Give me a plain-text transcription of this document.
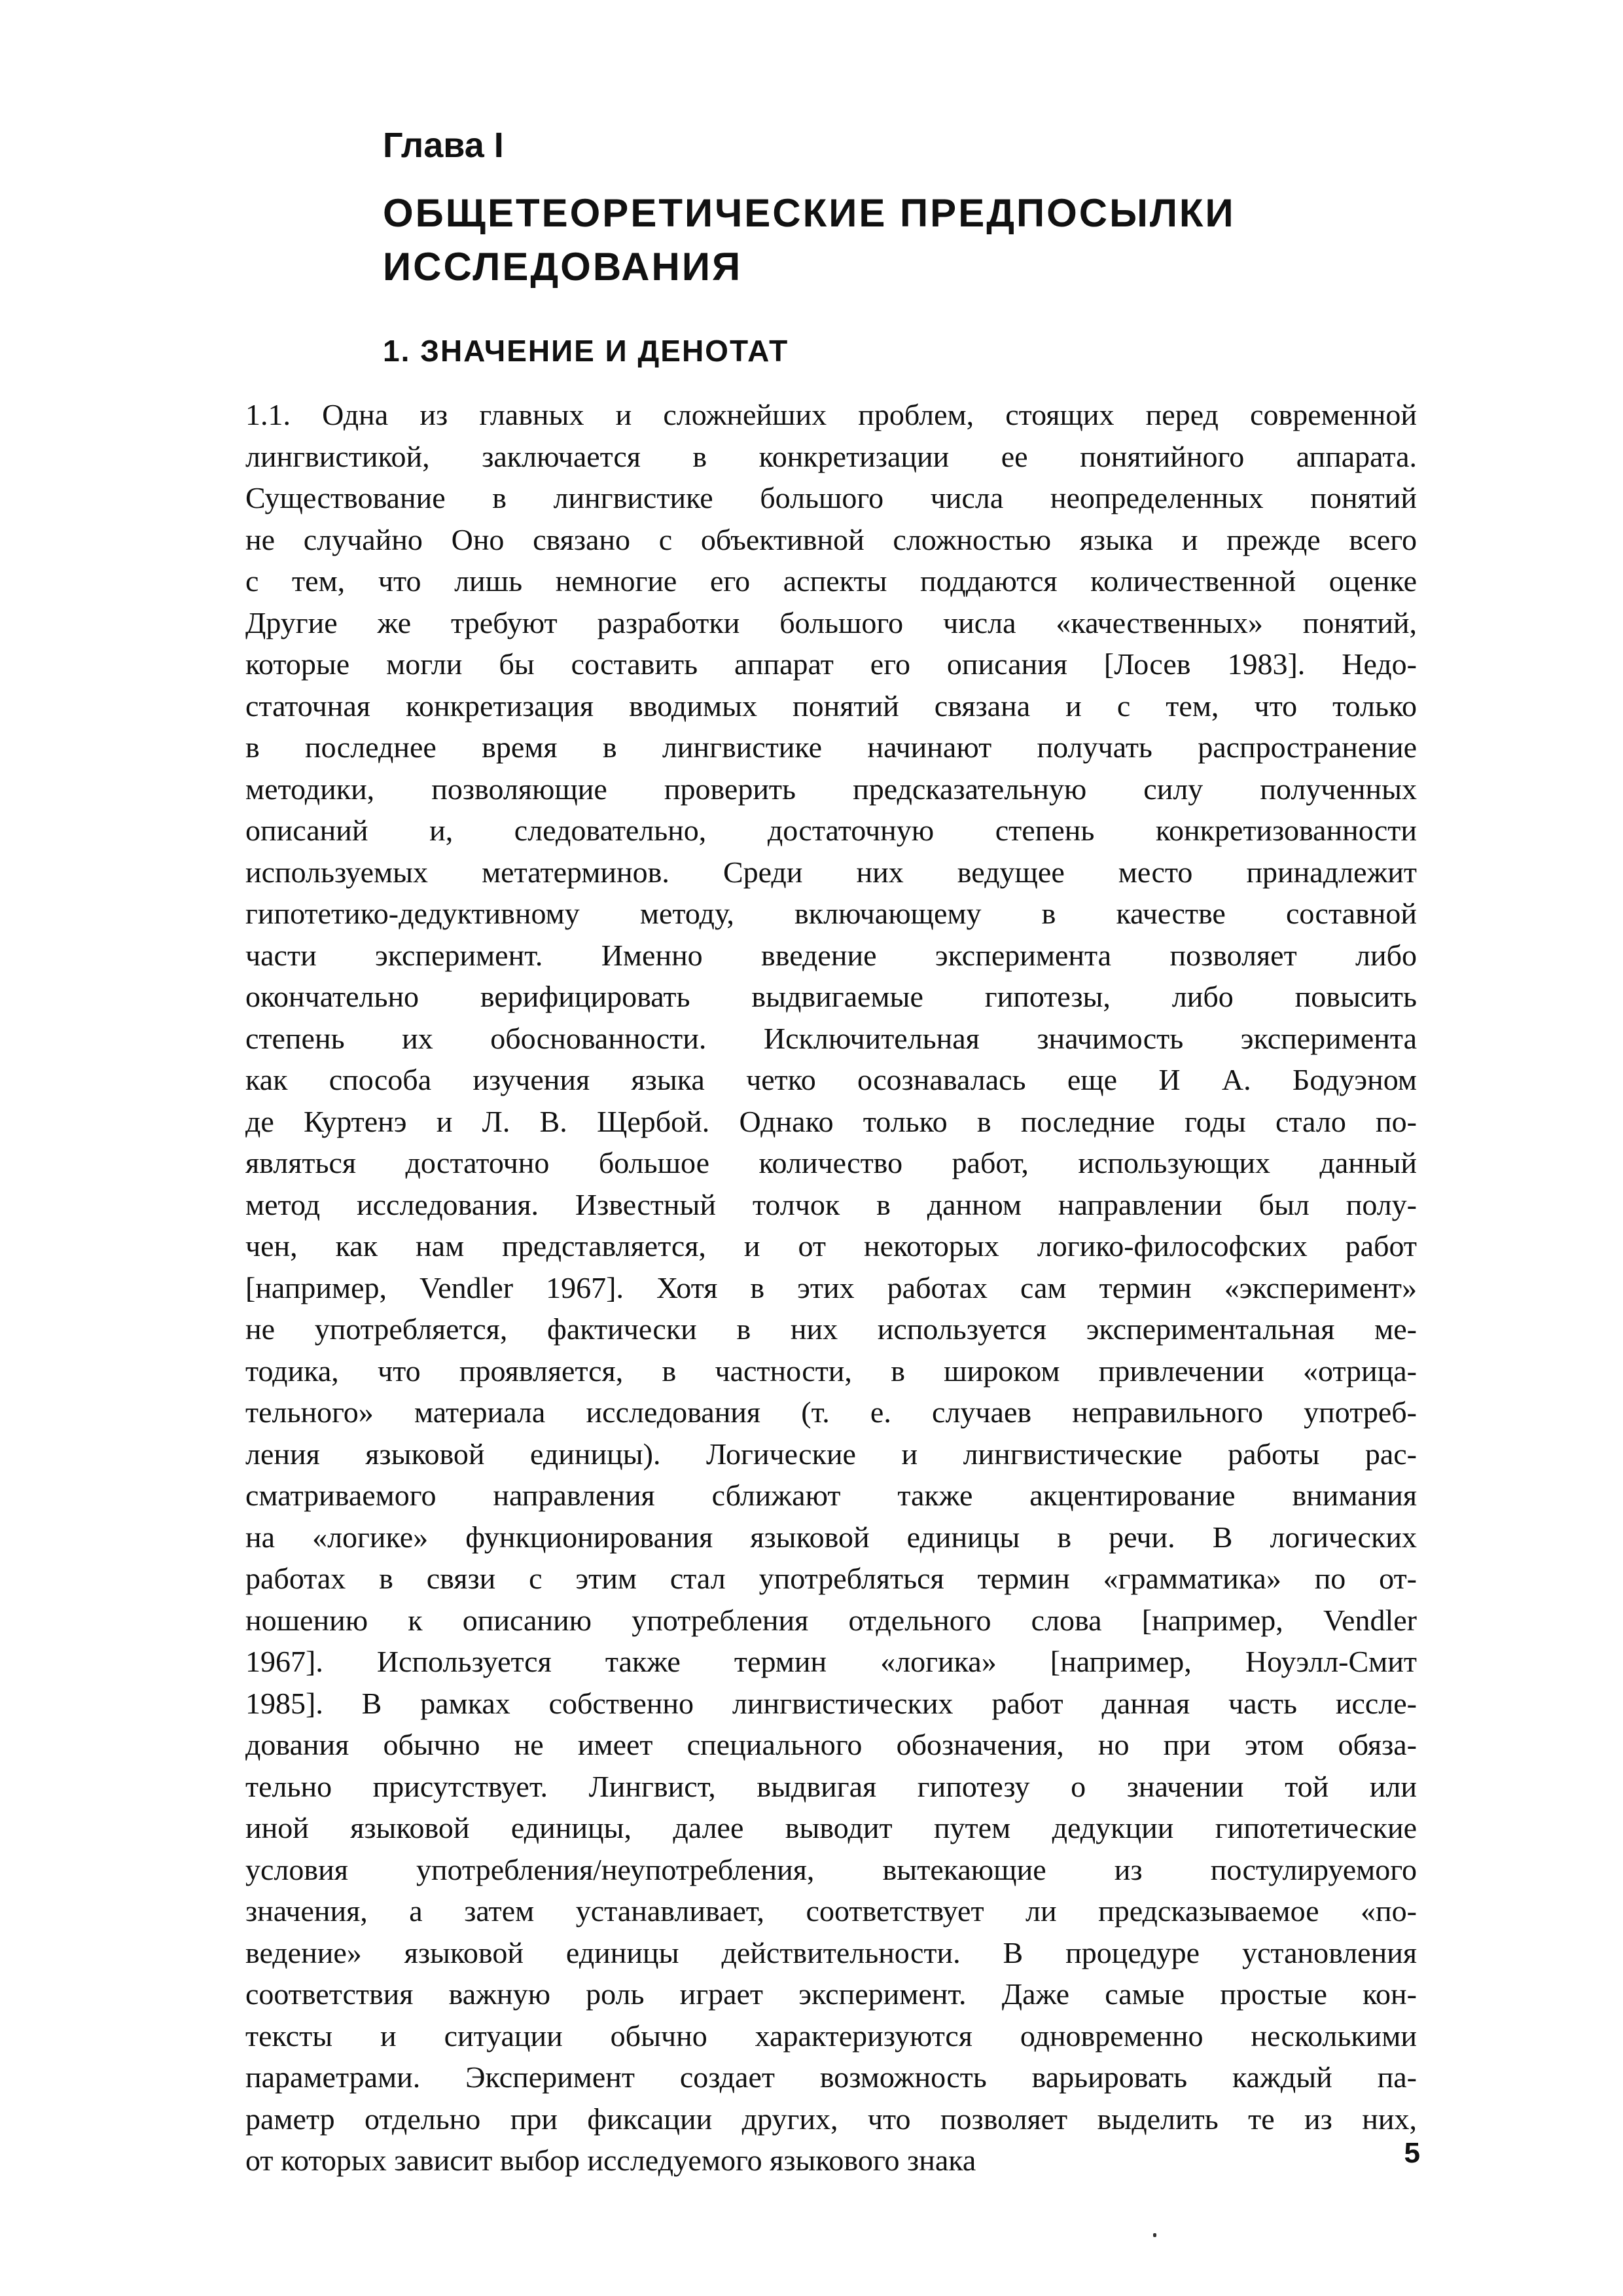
Глава I
ОБЩЕТЕОРЕТИЧЕСКИЕ ПРЕДПОСЫЛКИ
ИССЛЕДОВАНИЯ
1. ЗНАЧЕНИЕ И ДЕНОТАТ
1.1. Одна из главных и сложнейших проблем, стоящих перед современной
лингвистикой, заключается в конкретизации ее понятийного аппарата.
Существование в лингвистике большого числа неопределенных понятий
не случайно Оно связано с объективной сложностью языка и прежде всего
с тем, что лишь немногие его аспекты поддаются количественной оценке
Другие же требуют разработки большого числа «качественных» понятий,
которые могли бы составить аппарат его описания [Лосев 1983]. Недо-
статочная конкретизация вводимых понятий связана и с тем, что только
в последнее время в лингвистике начинают получать распространение
методики, позволяющие проверить предсказательную силу полученных
описаний и, следовательно, достаточную степень конкретизованности
используемых метатерминов. Среди них ведущее место принадлежит
гипотетико-дедуктивному методу, включающему в качестве составной
части эксперимент. Именно введение эксперимента позволяет либо
окончательно верифицировать выдвигаемые гипотезы, либо повысить
степень их обоснованности. Исключительная значимость эксперимента
как способа изучения языка четко осознавалась еще И А. Бодуэном
де Куртенэ и Л. В. Щербой. Однако только в последние годы стало по-
являться достаточно большое количество работ, использующих данный
метод исследования. Известный толчок в данном направлении был полу-
чен, как нам представляется, и от некоторых логико-философских работ
[например, Vendler 1967]. Хотя в этих работах сам термин «эксперимент»
не употребляется, фактически в них используется экспериментальная ме-
тодика, что проявляется, в частности, в широком привлечении «отрица-
тельного» материала исследования (т. е. случаев неправильного употреб-
ления языковой единицы). Логические и лингвистические работы рас-
сматриваемого направления сближают также акцентирование внимания
на «логике» функционирования языковой единицы в речи. В логических
работах в связи с этим стал употребляться термин «грамматика» по от-
ношению к описанию употребления отдельного слова [например, Vendler
1967]. Используется также термин «логика» [например, Ноуэлл-Смит
1985]. В рамках собственно лингвистических работ данная часть иссле-
дования обычно не имеет специального обозначения, но при этом обяза-
тельно присутствует. Лингвист, выдвигая гипотезу о значении той или
иной языковой единицы, далее выводит путем дедукции гипотетические
условия употребления/неупотребления, вытекающие из постулируемого
значения, а затем устанавливает, соответствует ли предсказываемое «по-
ведение» языковой единицы действительности. В процедуре установления
соответствия важную роль играет эксперимент. Даже самые простые кон-
тексты и ситуации обычно характеризуются одновременно несколькими
параметрами. Эксперимент создает возможность варьировать каждый па-
раметр отдельно при фиксации других, что позволяет выделить те из них,
от которых зависит выбор исследуемого языкового знака	5
